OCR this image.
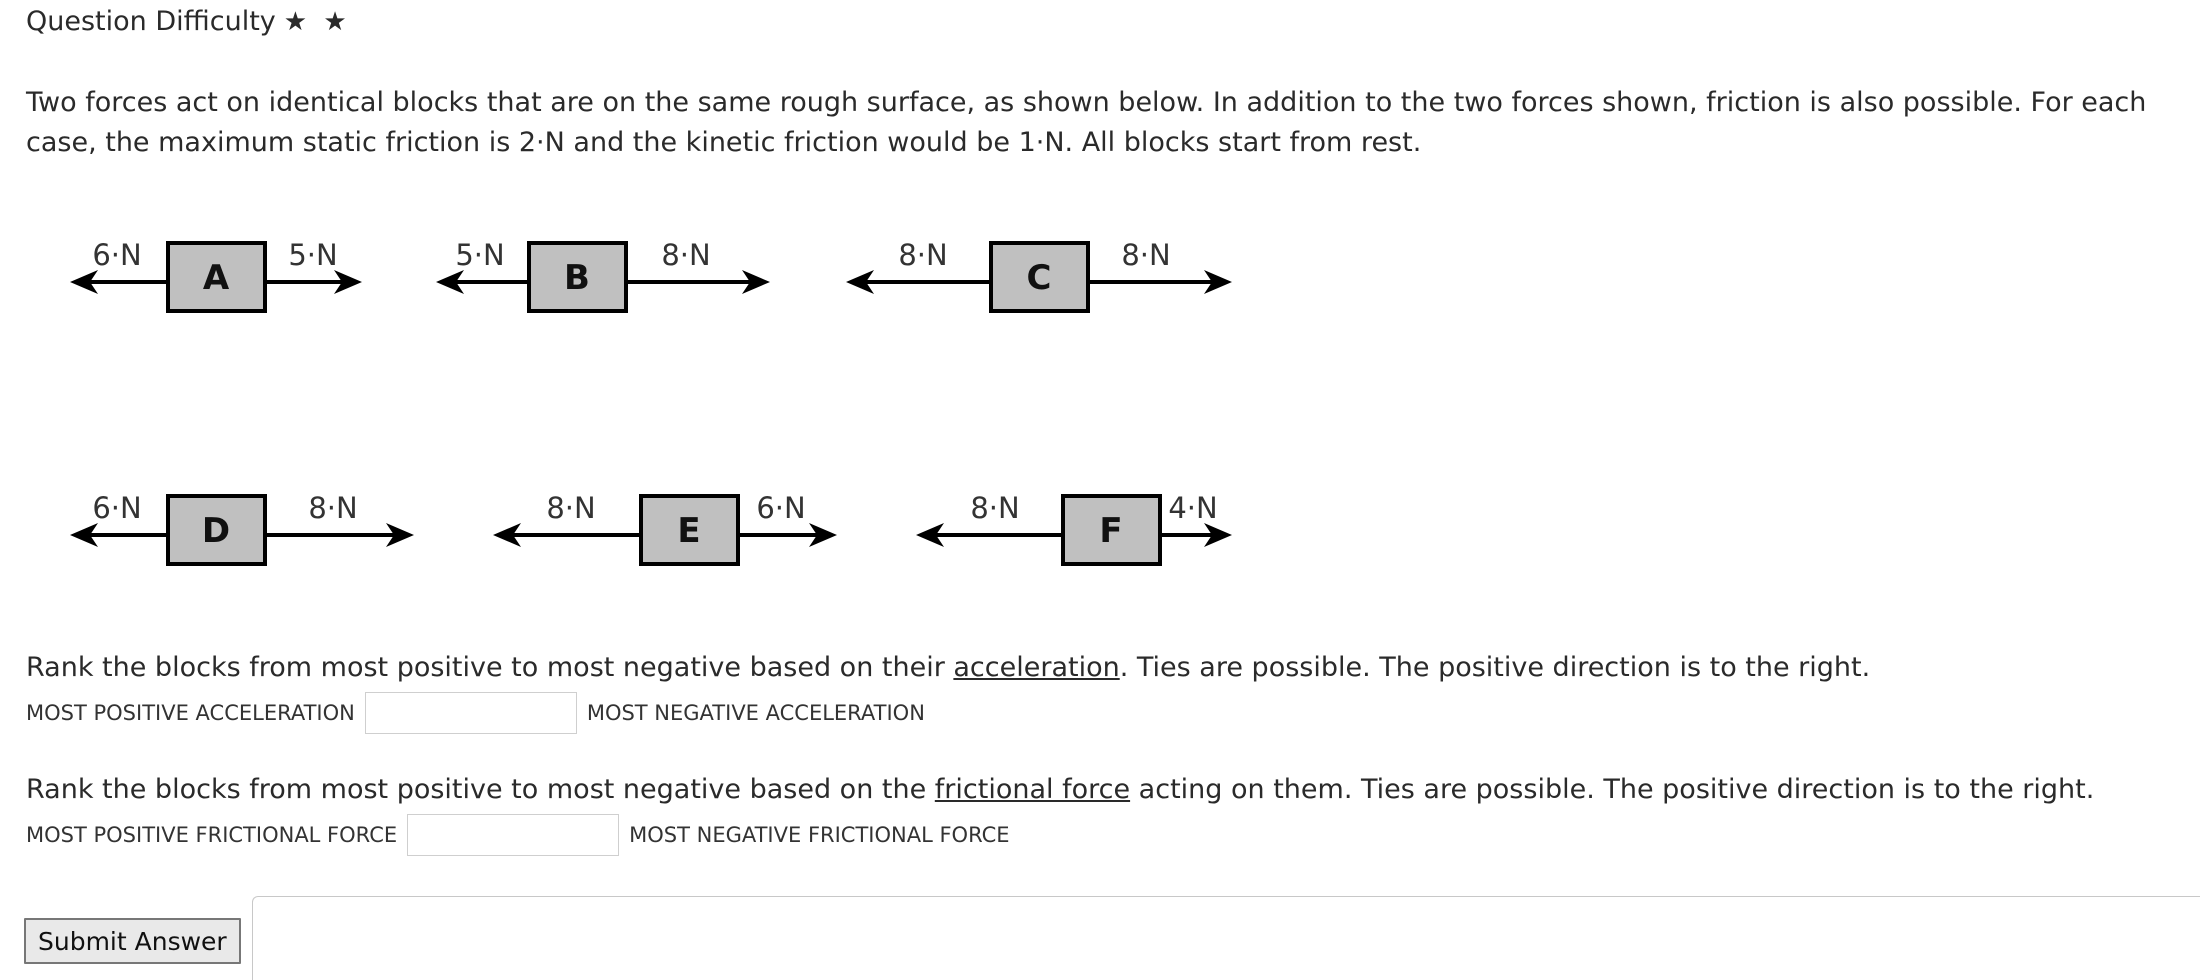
Question Difficulty ★ ★
Two forces act on identical blocks that are on the same rough surface, as shown below. In addition to the two forces shown, friction is also possible. For each case, the maximum static friction is 2·N and the kinetic friction would be 1·N. All blocks start from rest.
A
6·N	5·N
B
5·N	8·N
C
8·N	8·N
D
6·N	8·N
E
8·N	6·N
F
8·N	4·N
Rank the blocks from most positive to most negative based on their acceleration. Ties are possible. The positive direction is to the right.
MOST POSITIVE ACCELERATION	MOST NEGATIVE ACCELERATION
Rank the blocks from most positive to most negative based on the frictional force acting on them. Ties are possible. The positive direction is to the right.
MOST POSITIVE FRICTIONAL FORCE	MOST NEGATIVE FRICTIONAL FORCE
Submit Answer
